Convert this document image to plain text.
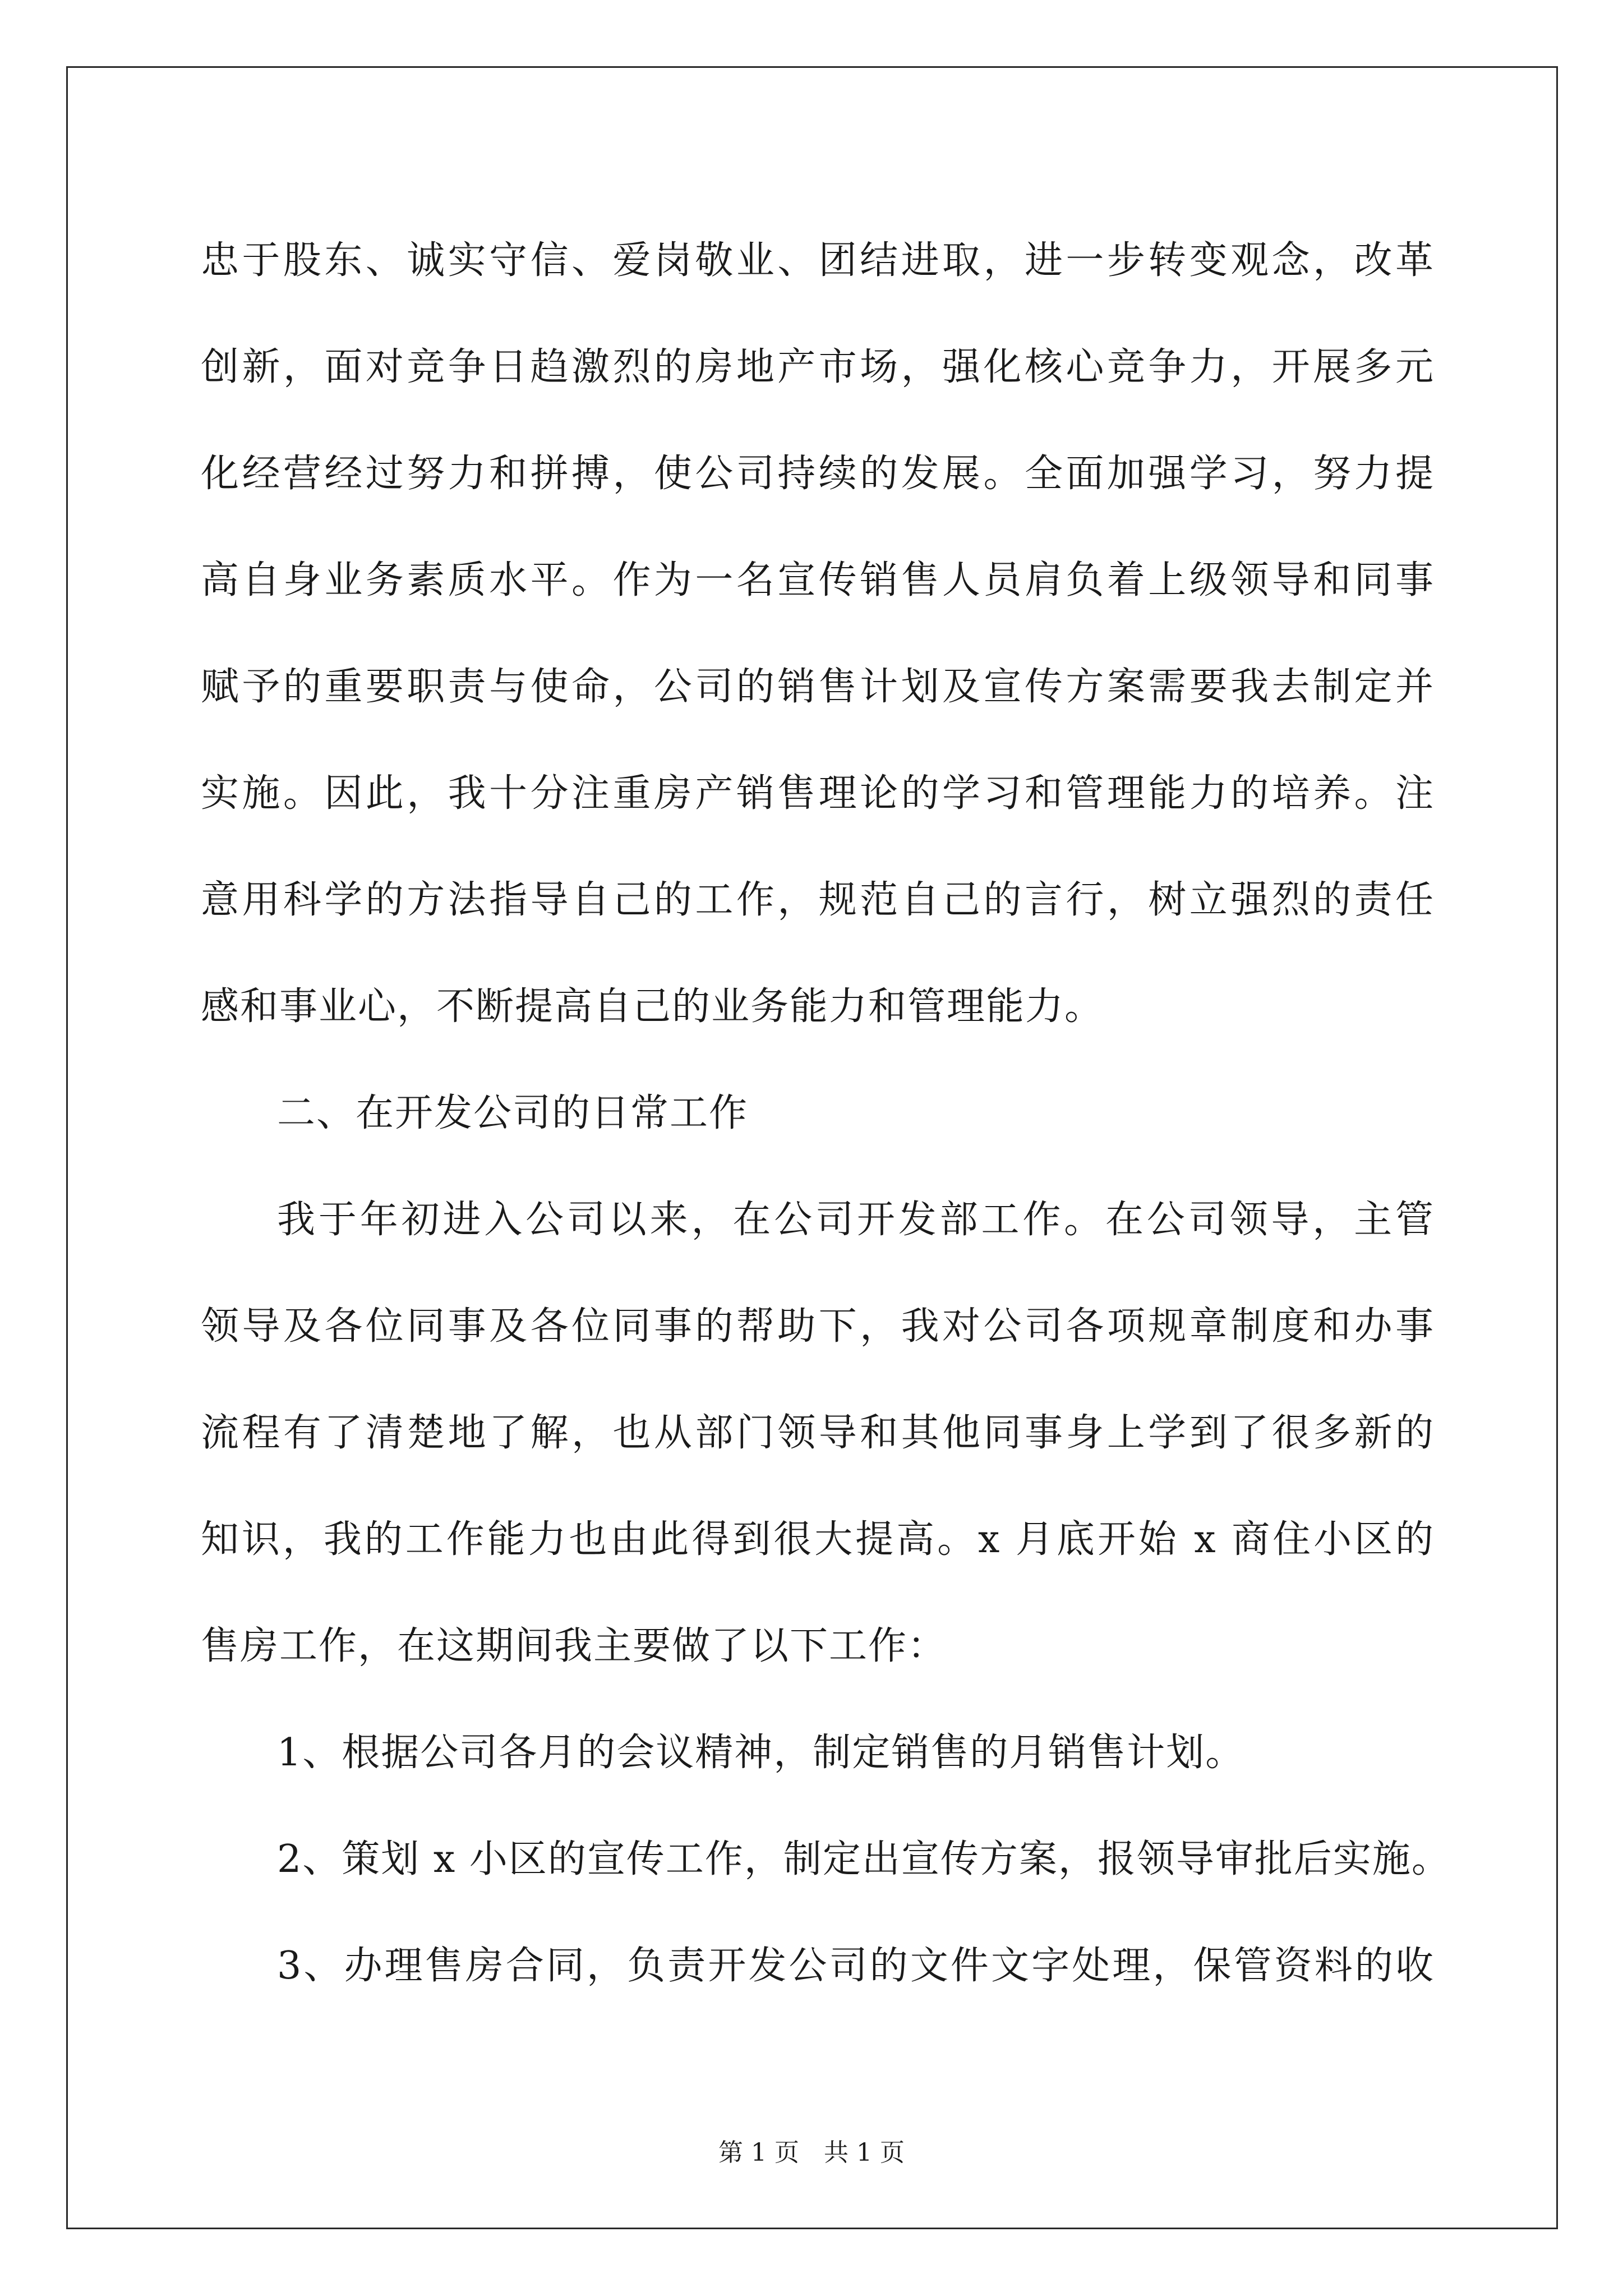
忠于股东、诚实守信、爱岗敬业、团结进取，进一步转变观念，改革
创新，面对竞争日趋激烈的房地产市场，强化核心竞争力，开展多元
化经营经过努力和拼搏，使公司持续的发展。全面加强学习，努力提
高自身业务素质水平。作为一名宣传销售人员肩负着上级领导和同事
赋予的重要职责与使命，公司的销售计划及宣传方案需要我去制定并
实施。因此，我十分注重房产销售理论的学习和管理能力的培养。注
意用科学的方法指导自己的工作，规范自己的言行，树立强烈的责任
感和事业心，不断提高自己的业务能力和管理能力。
二、在开发公司的日常工作
我于年初进入公司以来，在公司开发部工作。在公司领导，主管
领导及各位同事及各位同事的帮助下，我对公司各项规章制度和办事
流程有了清楚地了解，也从部门领导和其他同事身上学到了很多新的
知识，我的工作能力也由此得到很大提高。x 月底开始 x 商住小区的
售房工作，在这期间我主要做了以下工作：
1、根据公司各月的会议精神，制定销售的月销售计划。
2、策划 x 小区的宣传工作，制定出宣传方案，报领导审批后实施。
3、办理售房合同，负责开发公司的文件文字处理，保管资料的收
第 1 页 共 1 页
